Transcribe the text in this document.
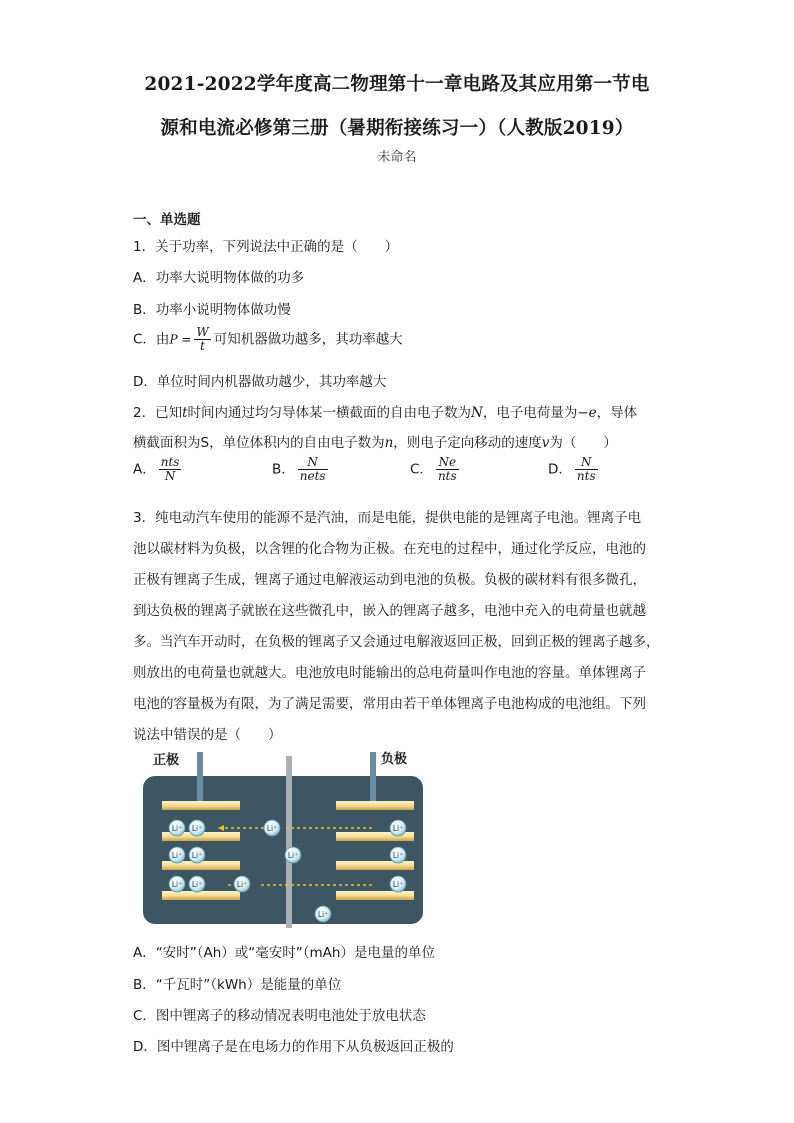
2021-2022学年度高二物理第十一章电路及其应用第一节电
源和电流必修第三册（暑期衔接练习一）（人教版2019）
未命名
一、单选题
1．关于功率，下列说法中正确的是（　　）
A．功率大说明物体做的功多
B．功率小说明物体做功慢
C．由$P = \frac{W}{t}$ 可知机器做功越多，其功率越大
D．单位时间内机器做功越少，其功率越大
2．已知t时间内通过均匀导体某一横截面的自由电子数为N，电子电荷量为−e，导体
横截面积为S，单位体积内的自由电子数为n，则电子定向移动的速度v为（　　）
A． $\frac{\text{nts}}{N}$	B． $\frac{N}{\text{nets}}$	C． $\frac{Ne}{\text{nts}}$	D． $\frac{N}{\text{nts}}$
3．纯电动汽车使用的能源不是汽油，而是电能，提供电能的是锂离子电池。锂离子电
池以碳材料为负极，以含锂的化合物为正极。在充电的过程中，通过化学反应，电池的
正极有锂离子生成，锂离子通过电解液运动到电池的负极。负极的碳材料有很多微孔，
到达负极的锂离子就嵌在这些微孔中，嵌入的锂离子越多，电池中充入的电荷量也就越
多。当汽车开动时，在负极的锂离子又会通过电解液返回正极，回到正极的锂离子越多，
则放出的电荷量也就越大。电池放电时能输出的总电荷量叫作电池的容量。单体锂离子
电池的容量极为有限，为了满足需要，常用由若干单体锂离子电池构成的电池组。下列
说法中错误的是（　　）
正极	负极
Li⁺ Li⁺
Li⁺ Li⁺
Li⁺ Li⁺
Li⁺
Li⁺
Li⁺
Li⁺
Li⁺
Li⁺
Li⁺
A．“安时”（Ah）或“毫安时”（mAh）是电量的单位
B．“千瓦时”（kWh）是能量的单位
C．图中锂离子的移动情况表明电池处于放电状态
D．图中锂离子是在电场力的作用下从负极返回正极的
